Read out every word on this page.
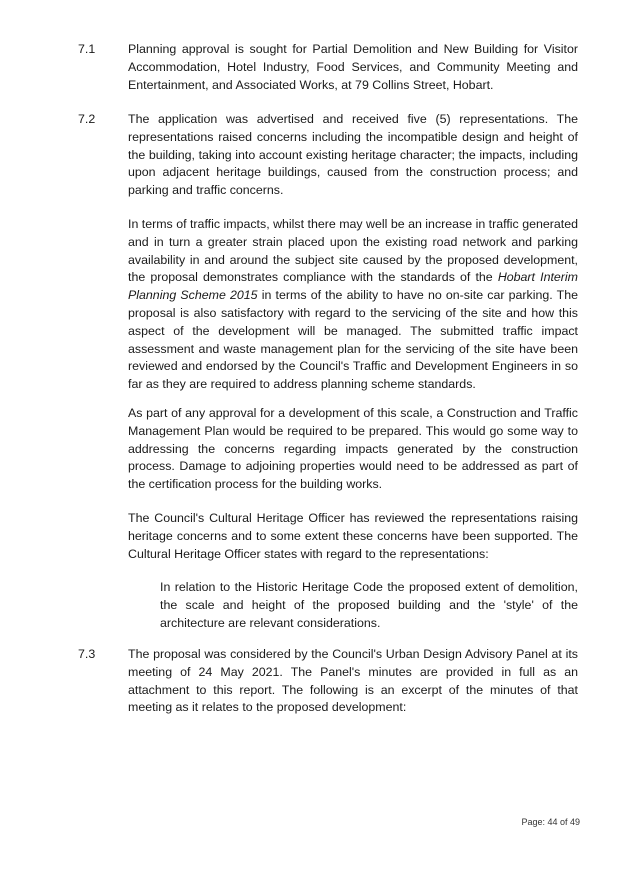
7.1	Planning approval is sought for Partial Demolition and New Building for Visitor Accommodation, Hotel Industry, Food Services, and Community Meeting and Entertainment, and Associated Works, at 79 Collins Street, Hobart.

7.2	The application was advertised and received five (5) representations. The representations raised concerns including the incompatible design and height of the building, taking into account existing heritage character; the impacts, including upon adjacent heritage buildings, caused from the construction process; and parking and traffic concerns.

In terms of traffic impacts, whilst there may well be an increase in traffic generated and in turn a greater strain placed upon the existing road network and parking availability in and around the subject site caused by the proposed development, the proposal demonstrates compliance with the standards of the Hobart Interim Planning Scheme 2015 in terms of the ability to have no on-site car parking. The proposal is also satisfactory with regard to the servicing of the site and how this aspect of the development will be managed. The submitted traffic impact assessment and waste management plan for the servicing of the site have been reviewed and endorsed by the Council's Traffic and Development Engineers in so far as they are required to address planning scheme standards.

As part of any approval for a development of this scale, a Construction and Traffic Management Plan would be required to be prepared. This would go some way to addressing the concerns regarding impacts generated by the construction process. Damage to adjoining properties would need to be addressed as part of the certification process for the building works.

The Council's Cultural Heritage Officer has reviewed the representations raising heritage concerns and to some extent these concerns have been supported. The Cultural Heritage Officer states with regard to the representations:

In relation to the Historic Heritage Code the proposed extent of demolition, the scale and height of the proposed building and the 'style' of the architecture are relevant considerations.

7.3	The proposal was considered by the Council's Urban Design Advisory Panel at its meeting of 24 May 2021. The Panel's minutes are provided in full as an attachment to this report. The following is an excerpt of the minutes of that meeting as it relates to the proposed development:

Page: 44 of 49
